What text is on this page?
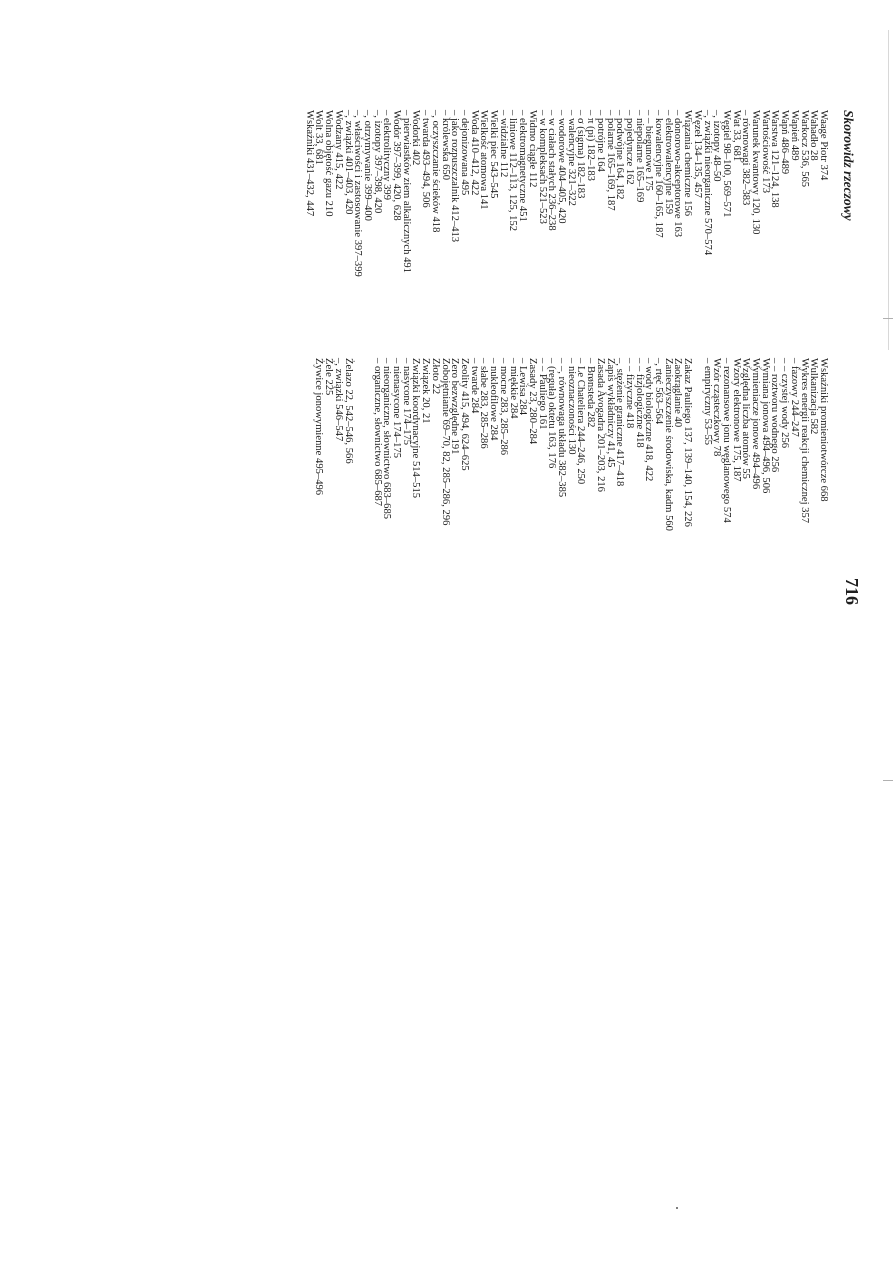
Skorowidz rzeczowy
716
Waage Piotr 374
Wahadło 28
Warkocz 536, 565
Wapień 489
Wapń 486–489
Warstwa 121–124, 138
Wartościowość 173
Warunek kwantowy 120, 130
– równowagi 382–383
Wat 33, 681
Węgiel 98–100, 569–571
–, izotopy 48–50
–, związki nieorganiczne 570–574
Węzeł 134–135, 457
Wiązania chemiczne 156
– donorowo-akceptorowe 163
– elektrowalencyjne 159
– kowalencyjne 160–165, 187
– – biegunowe 175
– niepolarne 165–169
– pojedyncze 162
– podwójne 164, 182
– polarne 165–169, 187
– potrójne 164
– π (pi) 182–183
– σ (sigma) 182–183
– walencyjne 321–322
– wodorowe 404–405, 420
– w ciałach stałych 236–238
– w kompleksach 521–523
Widmo ciągłe 112
– elektromagnetyczne 451
– liniowe 112–113, 125, 152
– widzialne 112
Wielki piec 543–545
Wielkość atomowa 141
Woda 410–412, 422
– dejonizowana 495
– jako rozpuszczalnik 412–413
– królewska 650
–, oczyszczanie ścieków 418
– twarda 493–494, 506
Wodorki 402
– pierwiastków ziem alkalicznych 491
Wodór 397–399, 420, 628
– elektrolityczny 399
–, izotopy 397–398, 420
–, otrzymywanie 399–400
–, właściwości i zastosowanie 397–399
–, związki 401–403, 420
Wodzany 415, 422
Wolna objętość gazu 210
Wolt 33, 681
Wskaźniki 431–432, 447
Wskaźniki promieniotwórcze 668
Wulkanizacja 582
Wykres energii reakcji chemicznej 357
– fazowy 244–247
– – czystej wody 256
– – roztworu wodnego 256
Wymiana jonowa 494–496, 506
Wymieniacze jonowe 494–496
Względna liczba atomów 55
Wzory elektronowe 175, 187
– rezonansowe jonu węglanowego 574
Wzór cząsteczkowy 78
– empiryczny 53–55
Zakaz Pauliego 137, 139–140, 154, 226
Zaokrąglanie 40
Zanieczyszczenie środowiska, kadm 560
–, rtęć 563–564
– wody biologiczne 418, 422
– – fizjologiczne 418
– – fizyczne 418
–, stężenie graniczne 417–418
Zapis wykładniczy 41, 45
Zasada Avogadra 201–203, 216
– Brønsteda 282
– Le Chateliera 244–246, 250
– nieoznaczoności 130
– –, równowaga układu 382–385
– (reguła) oktetu 163, 176
– – Pauliego 161
Zasady 23, 280–284
– Lewisa 284
– miękkie 284
– mocne 283, 285–286
– nukleofilowe 284
– słabe 283, 285–286
– twarde 284
Zeolity 415, 494, 624–625
Zero bezwzględne 191
Zobojętnianie 69–70, 82, 285–286, 296
Złoto 22
Związek 20, 21
Związki koordynacyjne 514–515
– nasycone 174–175
– nienasycone 174–175
– nieorganiczne, słownictwo 683–685
– organiczne, słownictwo 685–687
Żelazo 22, 542–546, 566
–, związki 546–547
Żele 225
Żywice jonowymienne 495–496
